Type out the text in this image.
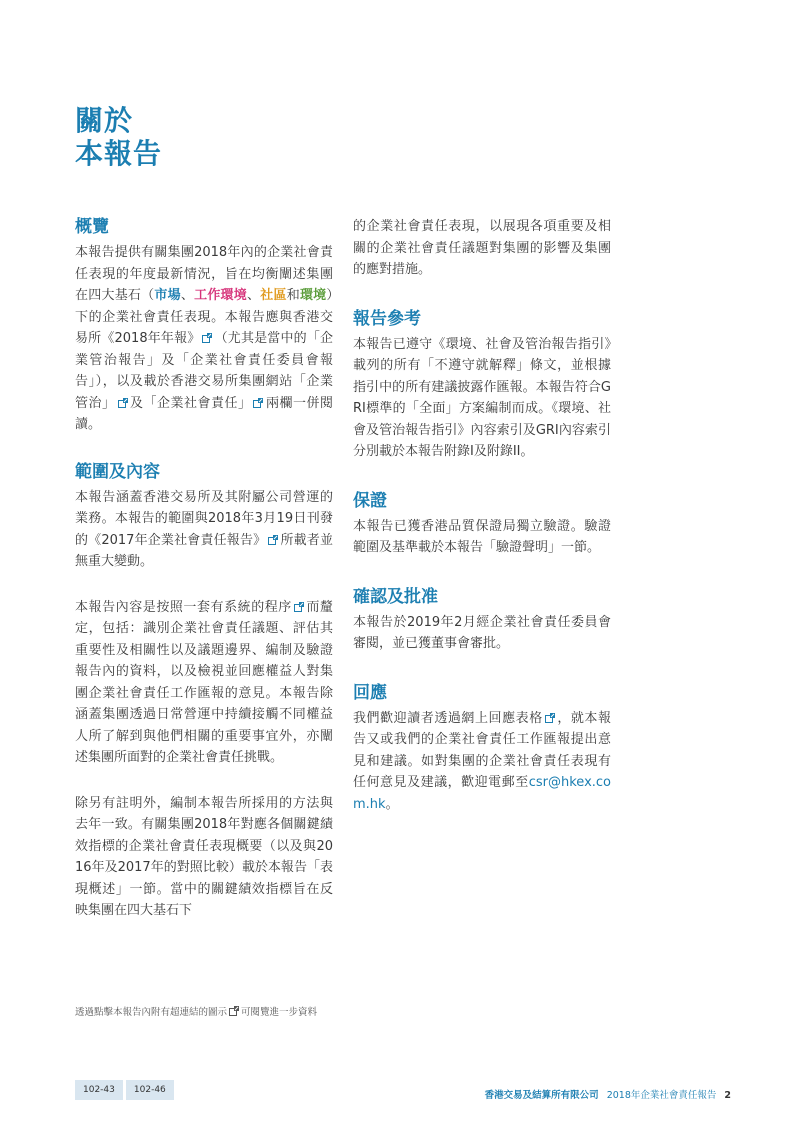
關於
本報告
概覽

本報告提供有關集團2018年內的企業社會責任表現的年度最新情況，旨在均衡闡述集團在四大基石（市場、工作環境、社區和環境）下的企業社會責任表現。本報告應與香港交易所《2018年年報》 （尤其是當中的「企業管治報告」及「企業社會責任委員會報告」），以及載於香港交易所集團網站「企業管治」 及「企業社會責任」 兩欄一併閱讀。

範圍及內容

本報告涵蓋香港交易所及其附屬公司營運的業務。本報告的範圍與2018年3月19日刊發的《2017年企業社會責任報告》 所載者並無重大變動。

本報告內容是按照一套有系統的程序 而釐定，包括：識別企業社會責任議題、評估其重要性及相關性以及議題邊界、編制及驗證報告內的資料，以及檢視並回應權益人對集團企業社會責任工作匯報的意見。本報告除涵蓋集團透過日常營運中持續接觸不同權益人所了解到與他們相關的重要事宜外，亦闡述集團所面對的企業社會責任挑戰。

除另有註明外，編制本報告所採用的方法與去年一致。有關集團2018年對應各個關鍵績效指標的企業社會責任表現概要（以及與2016年及2017年的對照比較）載於本報告「表現概述」一節。當中的關鍵績效指標旨在反映集團在四大基石下

的企業社會責任表現，以展現各項重要及相關的企業社會責任議題對集團的影響及集團的應對措施。

報告參考

本報告已遵守《環境、社會及管治報告指引》載列的所有「不遵守就解釋」條文，並根據指引中的所有建議披露作匯報。本報告符合GRI標準的「全面」方案編制而成。《環境、社會及管治報告指引》內容索引及GRI內容索引分別載於本報告附錄I及附錄II。

保證

本報告已獲香港品質保證局獨立驗證。驗證範圍及基準載於本報告「驗證聲明」一節。

確認及批准

本報告於2019年2月經企業社會責任委員會審閱，並已獲董事會審批。

回應

我們歡迎讀者透過網上回應表格 ，就本報告又或我們的企業社會責任工作匯報提出意見和建議。如對集團的企業社會責任表現有任何意見及建議，歡迎電郵至csr@hkex.com.hk。

透過點擊本報告內附有超連結的圖示 可閱覽進一步資料

102-43 102-46	香港交易及結算所有限公司 2018年企業社會責任報告 2
